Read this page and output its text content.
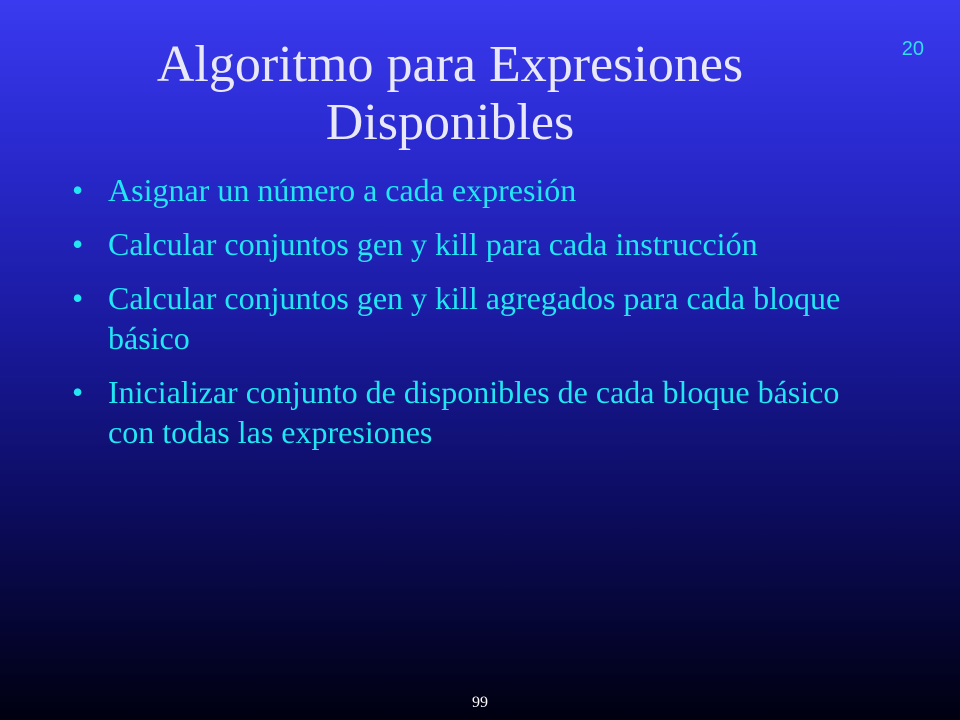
20
Algoritmo para Expresiones Disponibles
• Asignar un número a cada expresión
• Calcular conjuntos gen y kill para cada instrucción
• Calcular conjuntos gen y kill agregados para cada bloque básico
• Inicializar conjunto de disponibles de cada bloque básico con todas las expresiones
99
